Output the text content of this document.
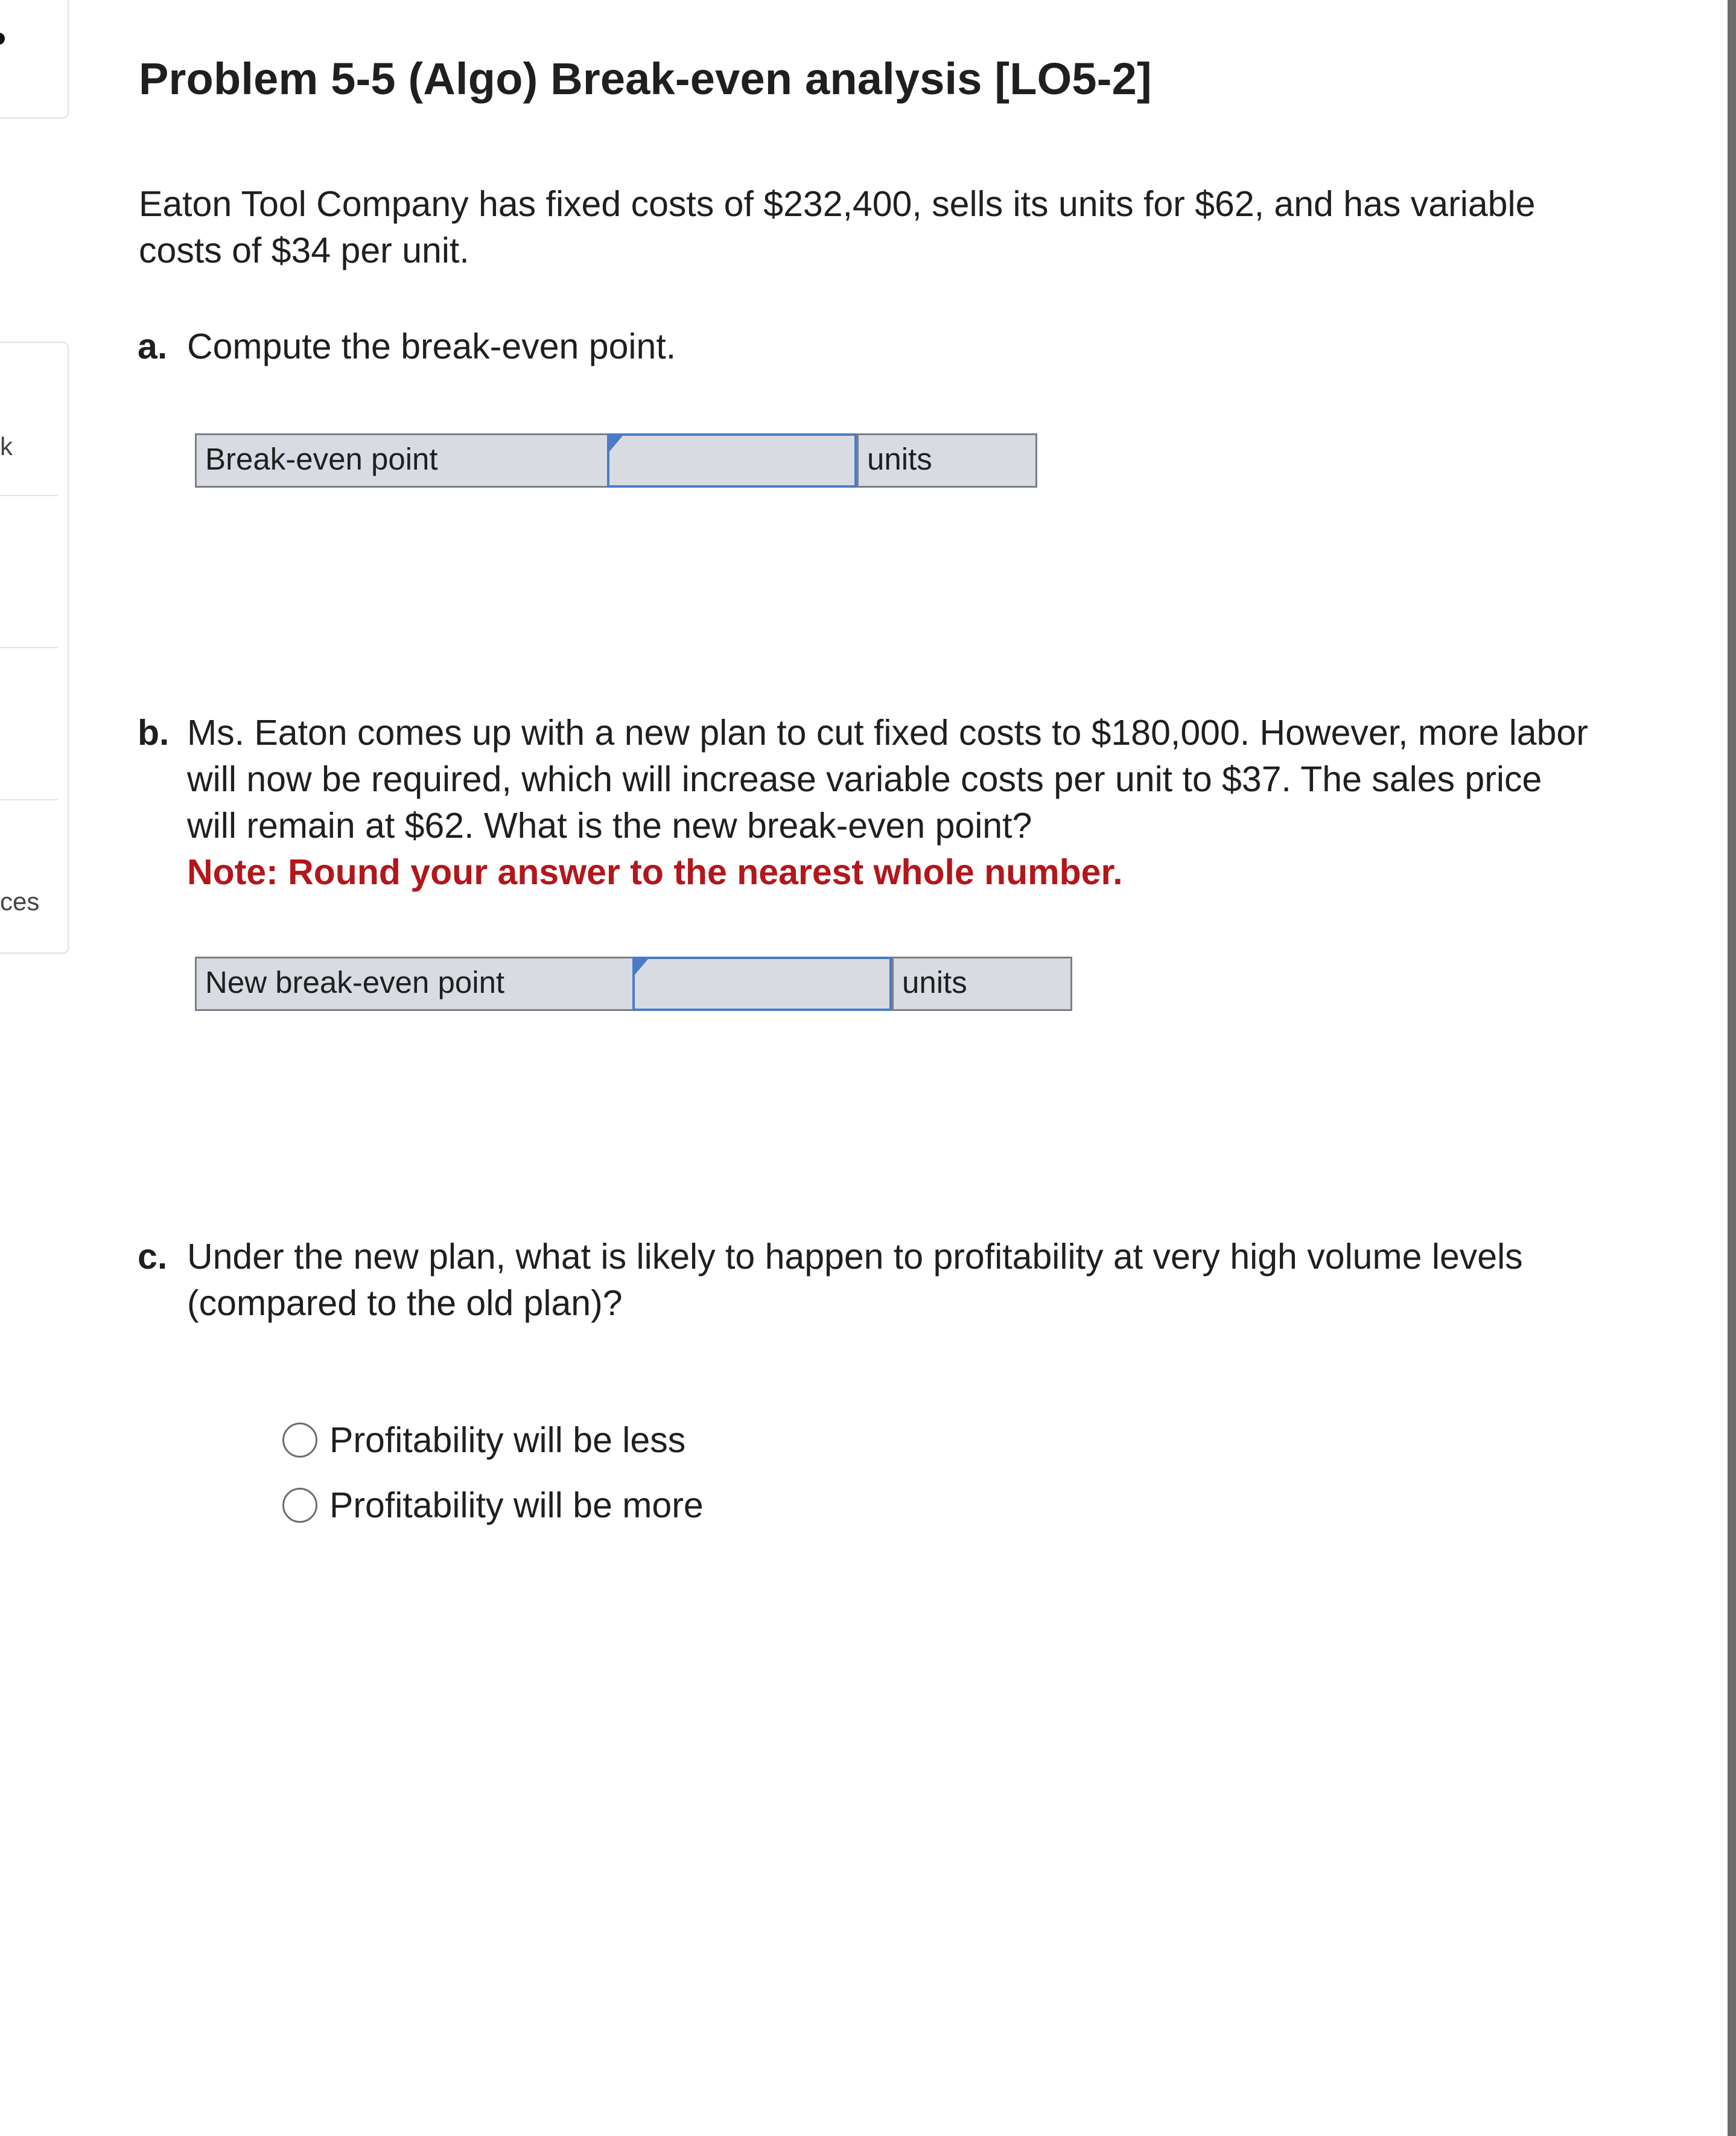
k
ces
Problem 5-5 (Algo) Break-even analysis [LO5-2]
Eaton Tool Company has fixed costs of $232,400, sells its units for $62, and has variable costs of $34 per unit.
a. Compute the break-even point.
Break-even point	units
b. Ms. Eaton comes up with a new plan to cut fixed costs to $180,000. However, more labor will now be required, which will increase variable costs per unit to $37. The sales price will remain at $62. What is the new break-even point?
Note: Round your answer to the nearest whole number.
New break-even point	units
c. Under the new plan, what is likely to happen to profitability at very high volume levels (compared to the old plan)?
Profitability will be less
Profitability will be more
